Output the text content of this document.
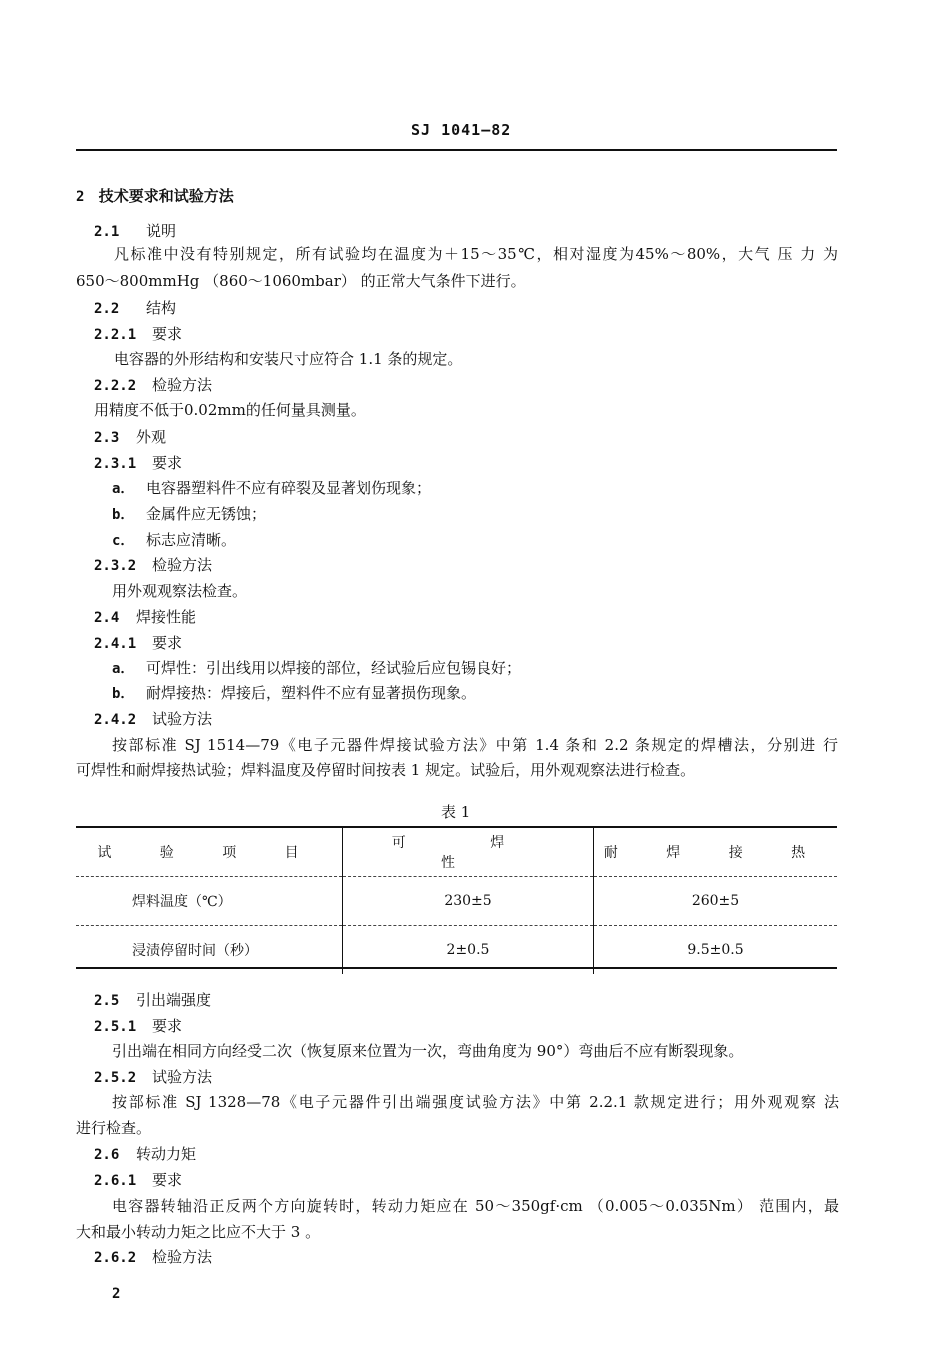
SJ 1041—82
2 技术要求和试验方法
2.1 说明
凡标准中没有特别规定，所有试验均在温度为＋15～35℃，相对湿度为45%～80%，大气 压 力 为
650～800mmHg （860～1060mbar） 的正常大气条件下进行。
2.2 结构
2.2.1 要求
电容器的外形结构和安装尺寸应符合 1.1 条的规定。
2.2.2 检验方法
用精度不低于0.02mm的任何量具测量。
2.3 外观
2.3.1 要求
a． 电容器塑料件不应有碎裂及显著划伤现象；
b． 金属件应无锈蚀；
c． 标志应清晰。
2.3.2 检验方法
用外观观察法检查。
2.4 焊接性能
2.4.1 要求
a． 可焊性：引出线用以焊接的部位，经试验后应包锡良好；
b． 耐焊接热：焊接后，塑料件不应有显著损伤现象。
2.4.2 试验方法
按部标准 SJ 1514—79《电子元器件焊接试验方法》中第 1.4 条和 2.2 条规定的焊槽法，分别进 行
可焊性和耐焊接热试验；焊料温度及停留时间按表 1 规定。试验后，用外观观察法进行检查。
表 1
试 验 项 目	可 焊 性	耐 焊 接 热
焊料温度（℃）	230±5	260±5
浸渍停留时间（秒）	2±0.5	9.5±0.5
2.5 引出端强度
2.5.1 要求
引出端在相同方向经受二次（恢复原来位置为一次，弯曲角度为 90°）弯曲后不应有断裂现象。
2.5.2 试验方法
按部标准 SJ 1328—78《电子元器件引出端强度试验方法》中第 2.2.1 款规定进行；用外观观察 法
进行检查。
2.6 转动力矩
2.6.1 要求
电容器转轴沿正反两个方向旋转时，转动力矩应在 50～350gf·cm （0.005～0.035Nm） 范围内，最
大和最小转动力矩之比应不大于 3 。
2.6.2 检验方法
2
